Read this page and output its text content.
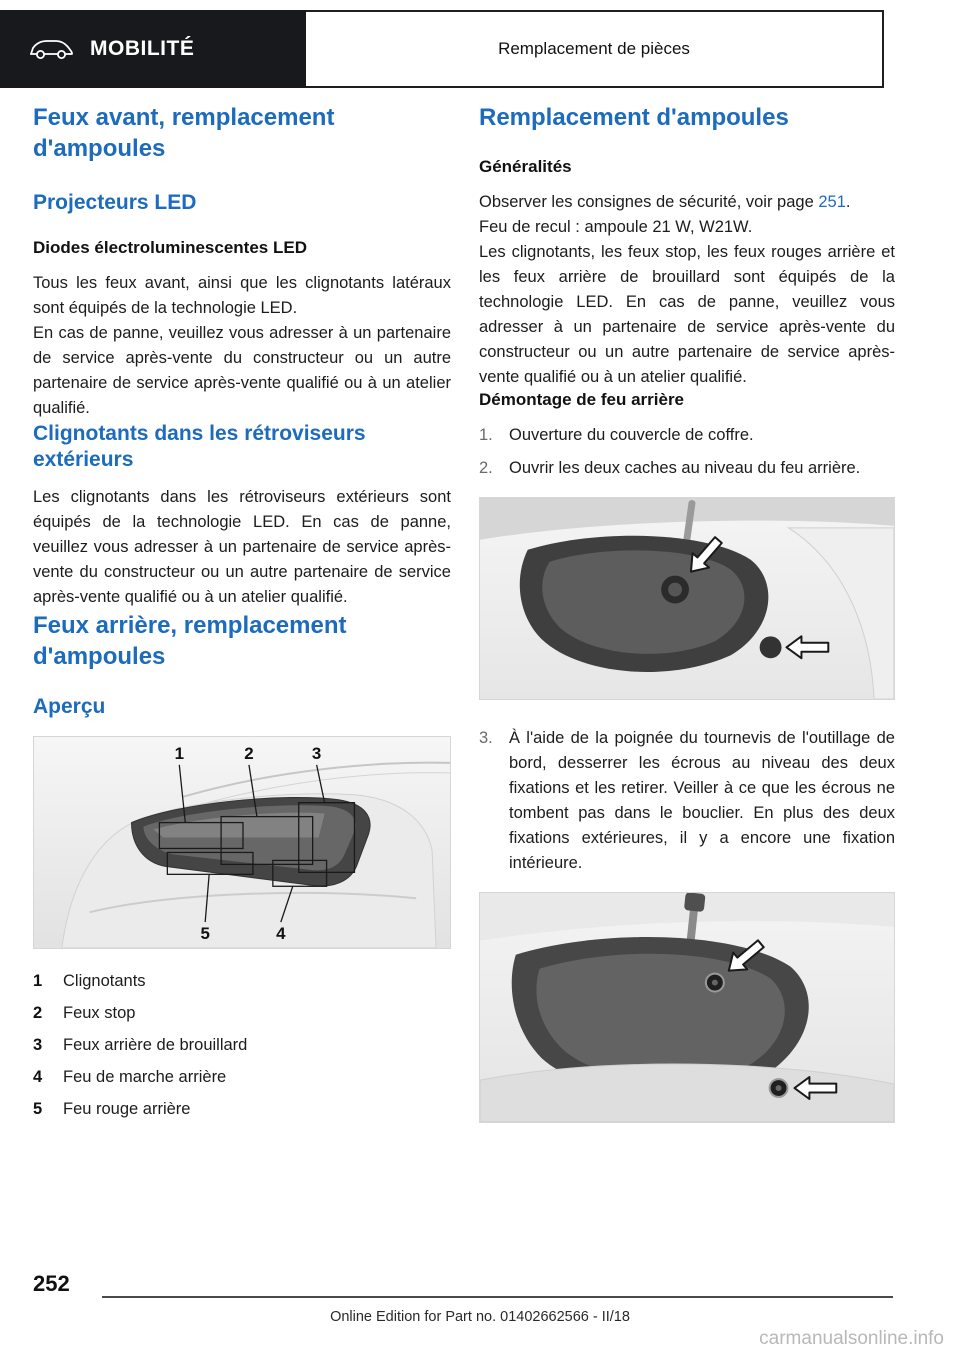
MOBILITÉ	Remplacement de pièces
Feux avant, remplacement d'ampoules
Projecteurs LED
Diodes électroluminescentes LED

Tous les feux avant, ainsi que les clignotants latéraux sont équipés de la technologie LED.

En cas de panne, veuillez vous adresser à un partenaire de service après-vente du constructeur ou un autre partenaire de service après-vente qualifié ou à un atelier qualifié.

Clignotants dans les rétroviseurs extérieurs

Les clignotants dans les rétroviseurs extérieurs sont équipés de la technologie LED. En cas de panne, veuillez vous adresser à un partenaire de service après-vente du constructeur ou un autre partenaire de service après-vente qualifié ou à un atelier qualifié.

Feux arrière, remplacement d'ampoules
Aperçu
1	2	3
5	4
1	Clignotants
2	Feux stop
3	Feux arrière de brouillard
4	Feu de marche arrière
5	Feu rouge arrière
Remplacement d'ampoules
Généralités

Observer les consignes de sécurité, voir page 251.

Feu de recul : ampoule 21 W, W21W.

Les clignotants, les feux stop, les feux rouges arrière et les feux arrière de brouillard sont équipés de la technologie LED. En cas de panne, veuillez vous adresser à un partenaire de service après-vente du constructeur ou un autre partenaire de service après-vente qualifié ou à un atelier qualifié.

Démontage de feu arrière
1. Ouverture du couvercle de coffre.
2. Ouvrir les deux caches au niveau du feu arrière.
3. À l'aide de la poignée du tournevis de l'outillage de bord, desserrer les écrous au niveau des deux fixations et les retirer. Veiller à ce que les écrous ne tombent pas dans le bouclier. En plus des deux fixations extérieures, il y a encore une fixation intérieure.
252
Online Edition for Part no. 01402662566 - II/18
carmanualsonline.info
